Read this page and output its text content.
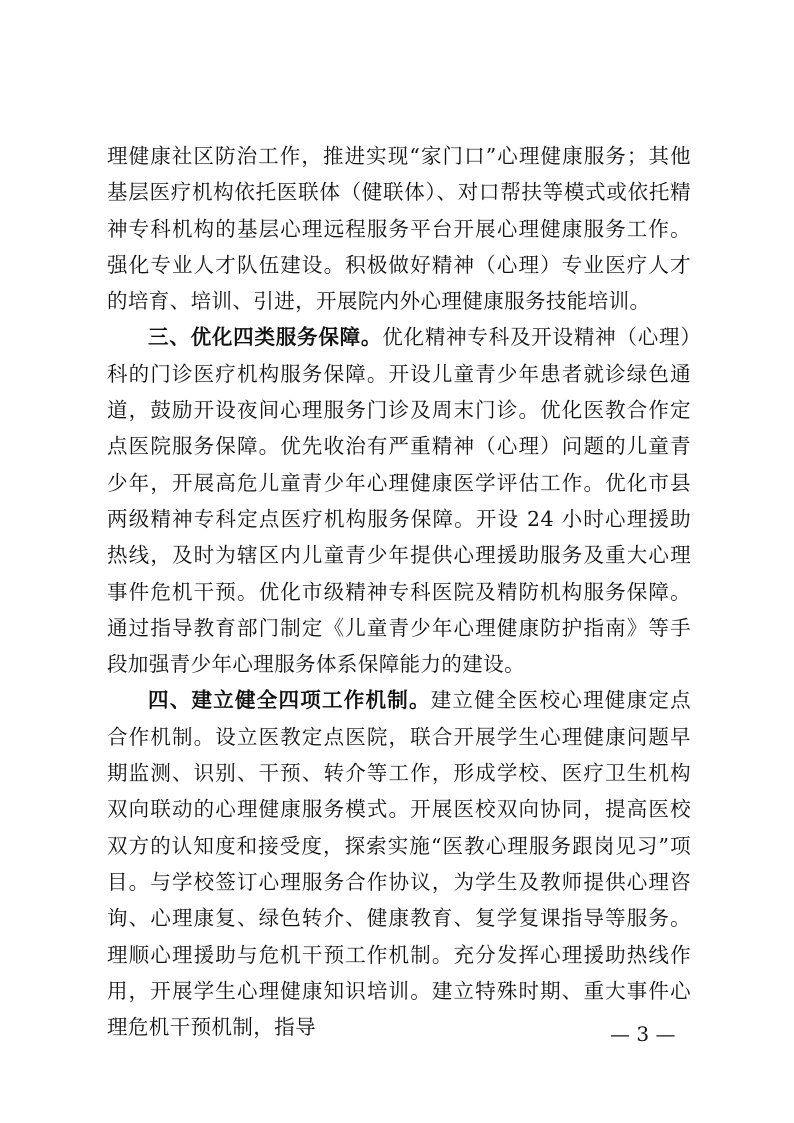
理健康社区防治工作，推进实现“家门口”心理健康服务；其他基层医疗机构依托医联体（健联体）、对口帮扶等模式或依托精神专科机构的基层心理远程服务平台开展心理健康服务工作。强化专业人才队伍建设。积极做好精神（心理）专业医疗人才的培育、培训、引进，开展院内外心理健康服务技能培训。

三、优化四类服务保障。优化精神专科及开设精神（心理）科的门诊医疗机构服务保障。开设儿童青少年患者就诊绿色通道，鼓励开设夜间心理服务门诊及周末门诊。优化医教合作定点医院服务保障。优先收治有严重精神（心理）问题的儿童青少年，开展高危儿童青少年心理健康医学评估工作。优化市县两级精神专科定点医疗机构服务保障。开设 24 小时心理援助热线，及时为辖区内儿童青少年提供心理援助服务及重大心理事件危机干预。优化市级精神专科医院及精防机构服务保障。通过指导教育部门制定《儿童青少年心理健康防护指南》等手段加强青少年心理服务体系保障能力的建设。

四、建立健全四项工作机制。建立健全医校心理健康定点合作机制。设立医教定点医院，联合开展学生心理健康问题早期监测、识别、干预、转介等工作，形成学校、医疗卫生机构双向联动的心理健康服务模式。开展医校双向协同，提高医校双方的认知度和接受度，探索实施“医教心理服务跟岗见习”项目。与学校签订心理服务合作协议，为学生及教师提供心理咨询、心理康复、绿色转介、健康教育、复学复课指导等服务。理顺心理援助与危机干预工作机制。充分发挥心理援助热线作用，开展学生心理健康知识培训。建立特殊时期、重大事件心理危机干预机制，指导	— 3 —
